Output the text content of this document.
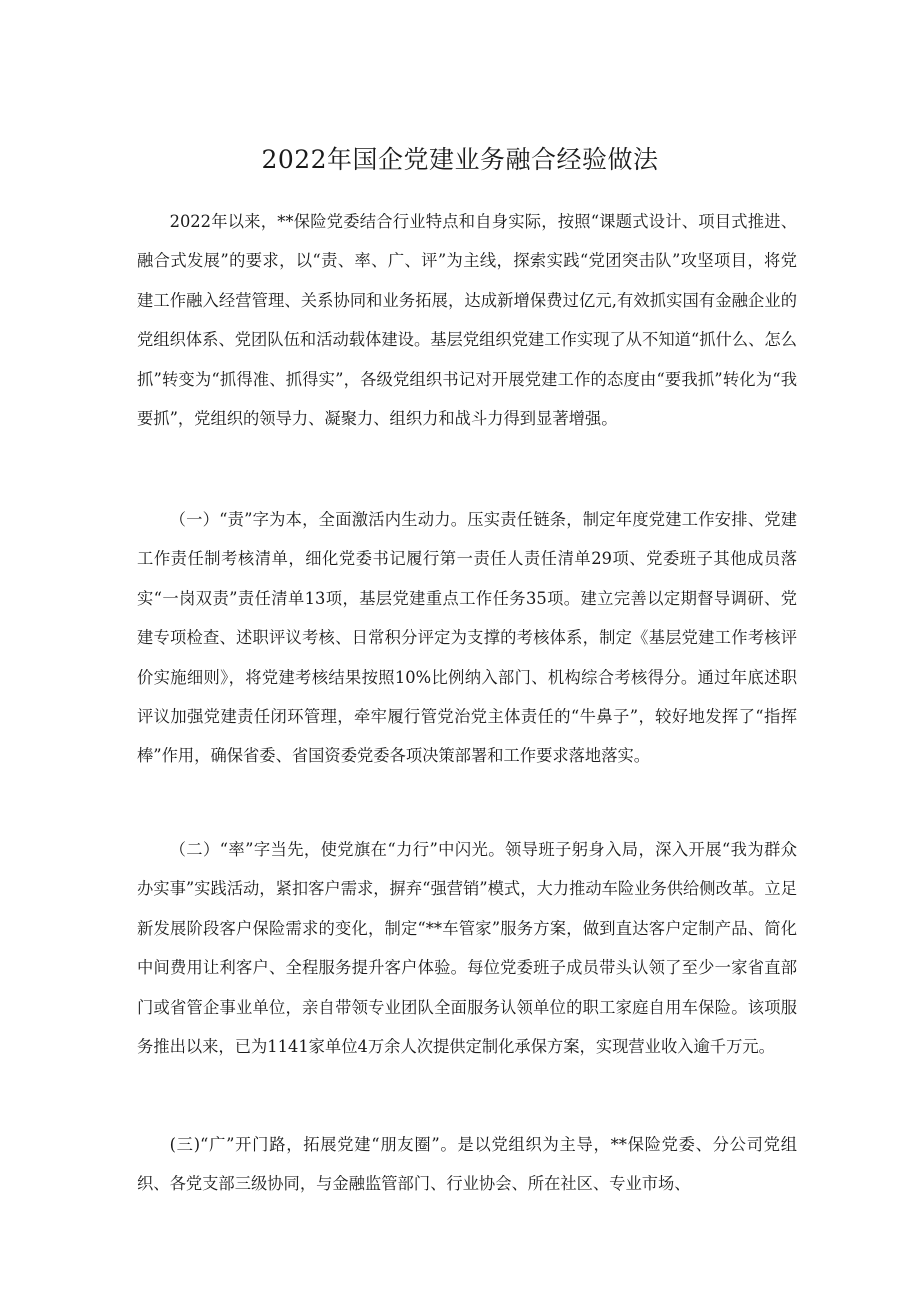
2022年国企党建业务融合经验做法

2022年以来，**保险党委结合行业特点和自身实际，按照“课题式设计、项目式推进、融合式发展”的要求，以“责、率、广、评”为主线，探索实践“党团突击队”攻坚项目，将党建工作融入经营管理、关系协同和业务拓展，达成新增保费过亿元,有效抓实国有金融企业的党组织体系、党团队伍和活动载体建设。基层党组织党建工作实现了从不知道“抓什么、怎么抓”转变为“抓得准、抓得实”，各级党组织书记对开展党建工作的态度由“要我抓”转化为“我要抓”，党组织的领导力、凝聚力、组织力和战斗力得到显著增强。

（一）“责”字为本，全面激活内生动力。压实责任链条，制定年度党建工作安排、党建工作责任制考核清单，细化党委书记履行第一责任人责任清单29项、党委班子其他成员落实“一岗双责”责任清单13项，基层党建重点工作任务35项。建立完善以定期督导调研、党建专项检查、述职评议考核、日常积分评定为支撑的考核体系，制定《基层党建工作考核评价实施细则》，将党建考核结果按照10%比例纳入部门、机构综合考核得分。通过年底述职评议加强党建责任闭环管理，牵牢履行管党治党主体责任的“牛鼻子”，较好地发挥了“指挥棒”作用，确保省委、省国资委党委各项决策部署和工作要求落地落实。

（二）“率”字当先，使党旗在“力行”中闪光。领导班子躬身入局，深入开展“我为群众办实事”实践活动，紧扣客户需求，摒弃“强营销”模式，大力推动车险业务供给侧改革。立足新发展阶段客户保险需求的变化，制定“**车管家”服务方案，做到直达客户定制产品、简化中间费用让利客户、全程服务提升客户体验。每位党委班子成员带头认领了至少一家省直部门或省管企事业单位，亲自带领专业团队全面服务认领单位的职工家庭自用车保险。该项服务推出以来，已为1141家单位4万余人次提供定制化承保方案，实现营业收入逾千万元。

(三)“广”开门路，拓展党建“朋友圈”。是以党组织为主导，**保险党委、分公司党组织、各党支部三级协同，与金融监管部门、行业协会、所在社区、专业市场、
